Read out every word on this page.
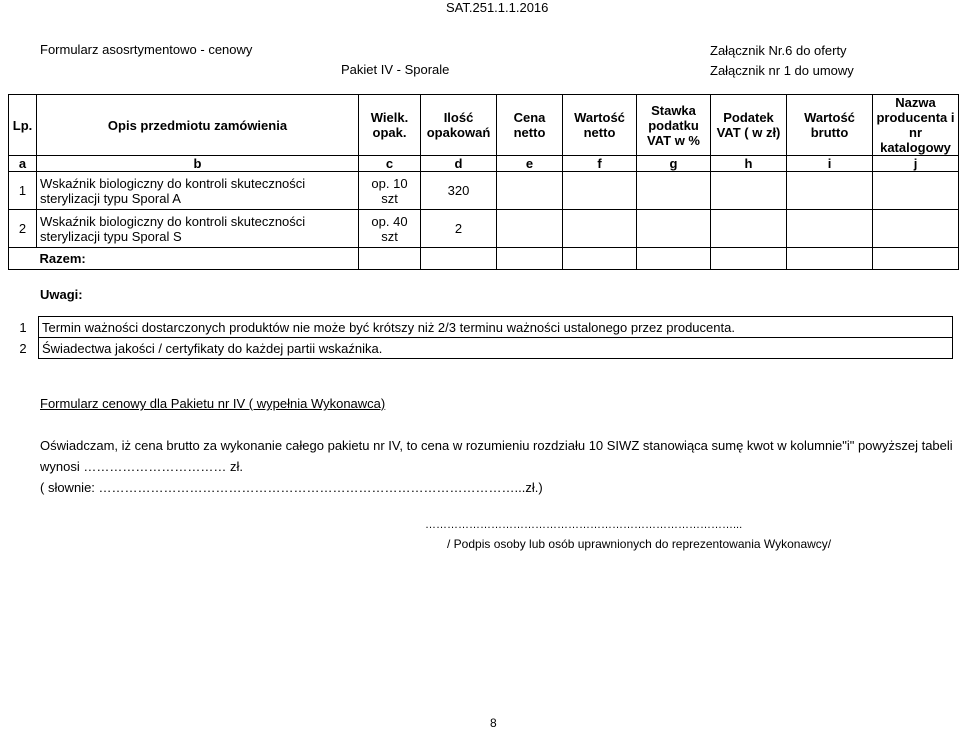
SAT.251.1.1.2016
Formularz asosrtymentowo - cenowy
Pakiet IV - Sporale
Załącznik Nr.6 do oferty
Załącznik nr 1 do umowy
Lp.	Opis przedmiotu zamówienia	Wielk. opak.	Ilość opakowań	Cena netto	Wartość netto	Stawka podatku VAT w %	Podatek VAT ( w zł)	Wartość brutto	Nazwa producenta i nr katalogowy
a	b	c	d	e	f	g	h	i	j
1	Wskaźnik biologiczny do kontroli skuteczności sterylizacji typu Sporal A	op. 10 szt	320						
2	Wskaźnik biologiczny do kontroli skuteczności sterylizacji typu Sporal S	op. 40 szt	2						
	Razem:								
Uwagi:
1	Termin ważności dostarczonych produktów nie może być krótszy niż 2/3 terminu ważności ustalonego przez producenta.
2	Świadectwa jakości / certyfikaty do każdej partii wskaźnika.
Formularz cenowy dla Pakietu nr IV ( wypełnia Wykonawca)
Oświadczam, iż cena brutto za wykonanie całego pakietu nr IV, to cena w rozumieniu rozdziału 10 SIWZ stanowiąca sumę kwot w kolumnie"i" powyższej tabeli
wynosi …………………………… zł.
( słownie: ……………………………………………………………………………………...zł.)
…………………………………………………………………………...
/ Podpis osoby lub osób uprawnionych do reprezentowania Wykonawcy/
8
